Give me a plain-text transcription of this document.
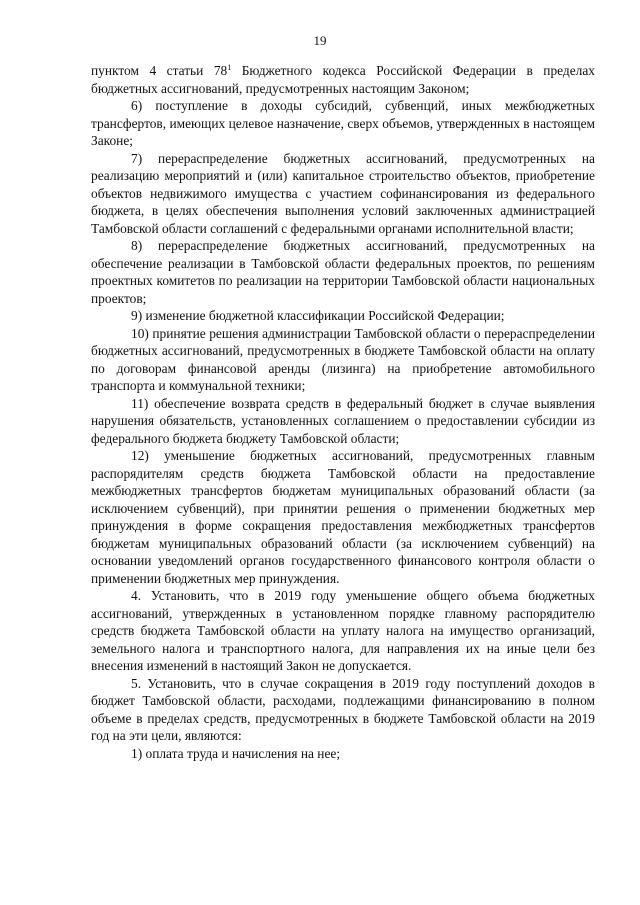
19

пунктом 4 статьи $78^1$ Бюджетного кодекса Российской Федерации в пределах бюджетных ассигнований, предусмотренных настоящим Законом;

6) поступление в доходы субсидий, субвенций, иных межбюджетных трансфертов, имеющих целевое назначение, сверх объемов, утвержденных в настоящем Законе;

7) перераспределение бюджетных ассигнований, предусмотренных на реализацию мероприятий и (или) капитальное строительство объектов, приобретение объектов недвижимого имущества с участием софинансирования из федерального бюджета, в целях обеспечения выполнения условий заключенных администрацией Тамбовской области соглашений с федеральными органами исполнительной власти;

8) перераспределение бюджетных ассигнований, предусмотренных на обеспечение реализации в Тамбовской области федеральных проектов, по решениям проектных комитетов по реализации на территории Тамбовской области национальных проектов;

9) изменение бюджетной классификации Российской Федерации;

10) принятие решения администрации Тамбовской области о перераспределении бюджетных ассигнований, предусмотренных в бюджете Тамбовской области на оплату по договорам финансовой аренды (лизинга) на приобретение автомобильного транспорта и коммунальной техники;

11) обеспечение возврата средств в федеральный бюджет в случае выявления нарушения обязательств, установленных соглашением о предоставлении субсидии из федерального бюджета бюджету Тамбовской области;

12) уменьшение бюджетных ассигнований, предусмотренных главным распорядителям средств бюджета Тамбовской области на предоставление межбюджетных трансфертов бюджетам муниципальных образований области (за исключением субвенций), при принятии решения о применении бюджетных мер принуждения в форме сокращения предоставления межбюджетных трансфертов бюджетам муниципальных образований области (за исключением субвенций) на основании уведомлений органов государственного финансового контроля области о применении бюджетных мер принуждения.

4. Установить, что в 2019 году уменьшение общего объема бюджетных ассигнований, утвержденных в установленном порядке главному распорядителю средств бюджета Тамбовской области на уплату налога на имущество организаций, земельного налога и транспортного налога, для направления их на иные цели без внесения изменений в настоящий Закон не допускается.

5. Установить, что в случае сокращения в 2019 году поступлений доходов в бюджет Тамбовской области, расходами, подлежащими финансированию в полном объеме в пределах средств, предусмотренных в бюджете Тамбовской области на 2019 год на эти цели, являются:

1) оплата труда и начисления на нее;
